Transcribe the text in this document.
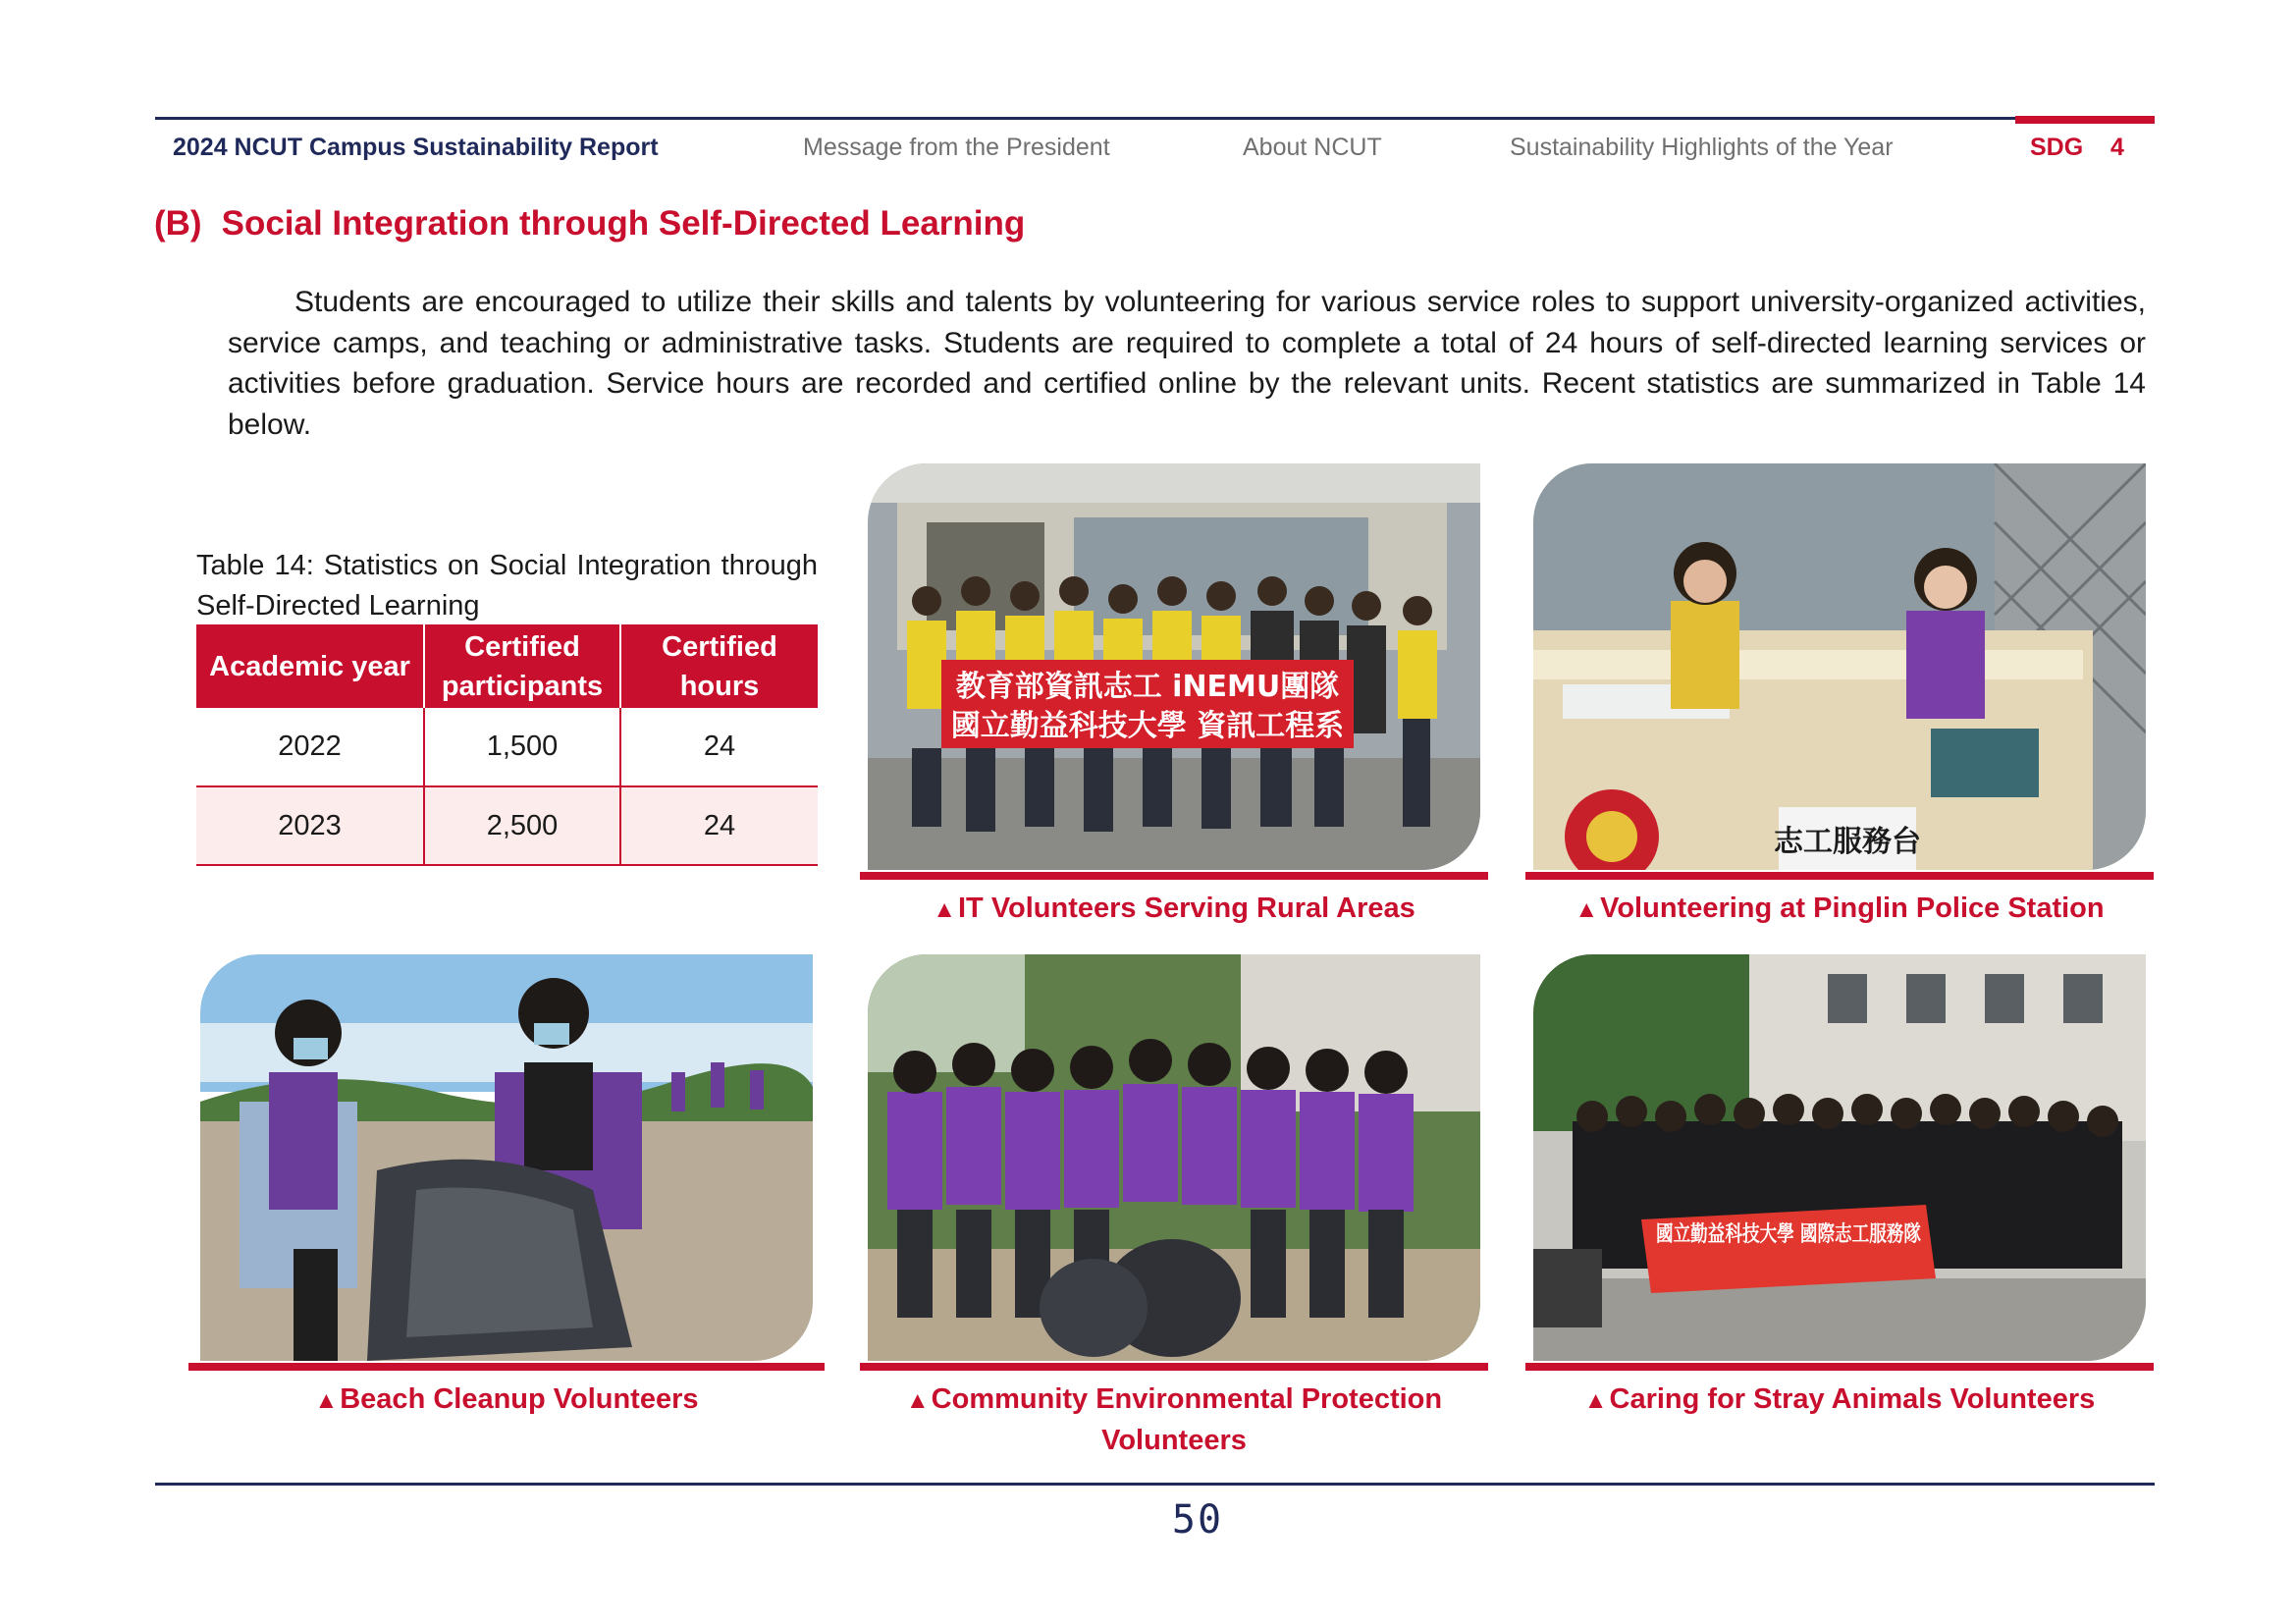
2024 NCUT Campus Sustainability Report	Message from the President	About NCUT	Sustainability Highlights of the Year	SDG 4
(B) Social Integration through Self-Directed Learning

Students are encouraged to utilize their skills and talents by volunteering for various service roles to support university-organized activities, service camps, and teaching or administrative tasks. Students are required to complete a total of 24 hours of self-directed learning services or activities before graduation. Service hours are recorded and certified online by the relevant units. Recent statistics are summarized in Table 14 below.

Table 14: Statistics on Social Integration through Self-Directed Learning
Academic year	Certified participants	Certified hours
2022	1,500	24
2023	2,500	24
教育部資訊志工 iNEMU團隊
國立勤益科技大學 資訊工程系
▲IT Volunteers Serving Rural Areas
志工服務台
▲Volunteering at Pinglin Police Station
▲Beach Cleanup Volunteers	▲Community Environmental Protection Volunteers
國立勤益科技大學 國際志工服務隊
▲Caring for Stray Animals Volunteers
50
